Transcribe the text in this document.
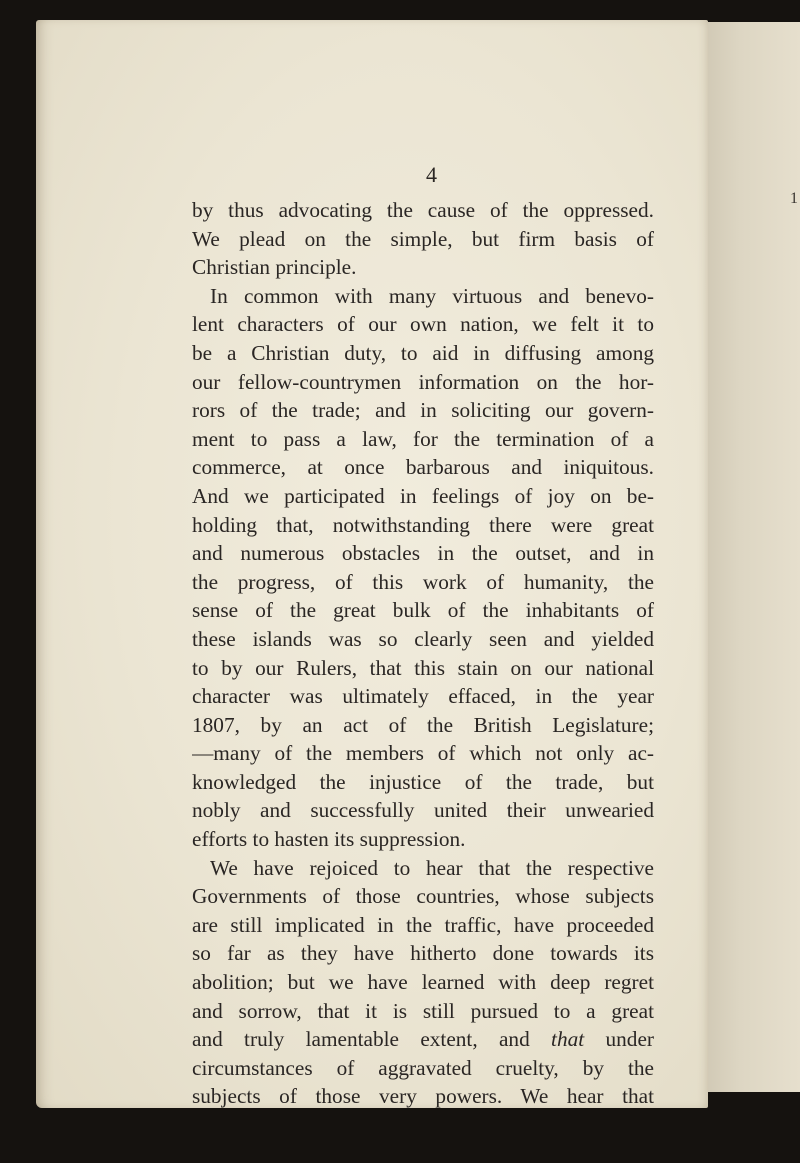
1
4
by thus advocating the cause of the oppressed.
We plead on the simple, but firm basis of
Christian principle.
In common with many virtuous and benevo-
lent characters of our own nation, we felt it to
be a Christian duty, to aid in diffusing among
our fellow-countrymen information on the hor-
rors of the trade; and in soliciting our govern-
ment to pass a law, for the termination of a
commerce, at once barbarous and iniquitous.
And we participated in feelings of joy on be-
holding that, notwithstanding there were great
and numerous obstacles in the outset, and in
the progress, of this work of humanity, the
sense of the great bulk of the inhabitants of
these islands was so clearly seen and yielded
to by our Rulers, that this stain on our national
character was ultimately effaced, in the year
1807, by an act of the British Legislature;
—many of the members of which not only ac-
knowledged the injustice of the trade, but
nobly and successfully united their unwearied
efforts to hasten its suppression.
We have rejoiced to hear that the respective
Governments of those countries, whose subjects
are still implicated in the traffic, have proceeded
so far as they have hitherto done towards its
abolition; but we have learned with deep regret
and sorrow, that it is still pursued to a great
and truly lamentable extent, and that under
circumstances of aggravated cruelty, by the
subjects of those very powers. We hear that
